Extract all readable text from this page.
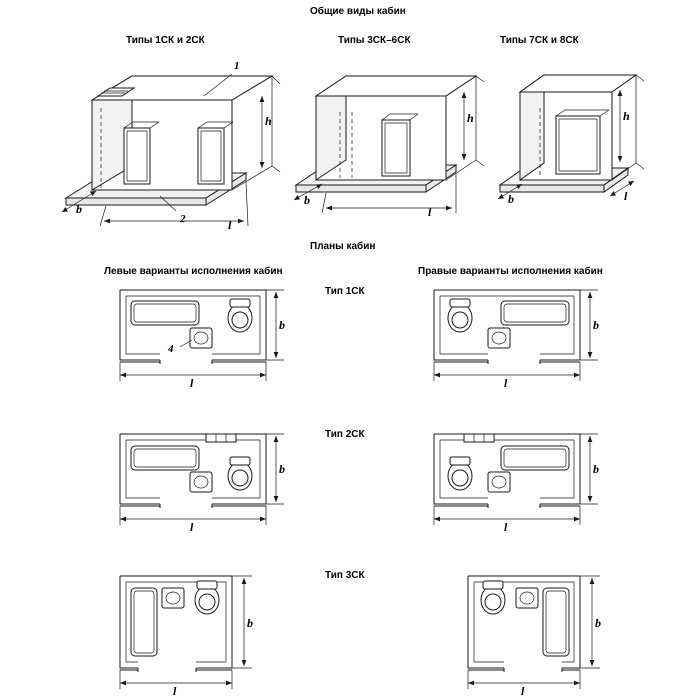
Общие виды кабин
Планы кабин
Типы 1СК и 2СК	Типы 3СК–6СК	Типы 7СК и 8СК
Левые варианты исполнения кабин	Правые варианты исполнения кабин
Тип 1СК
Тип 2СК
Тип 3СК
1
2
4
h
b
l
h
b
l
h
b	l
b
l
b
l
b
l
b
l
b
l
b
l
